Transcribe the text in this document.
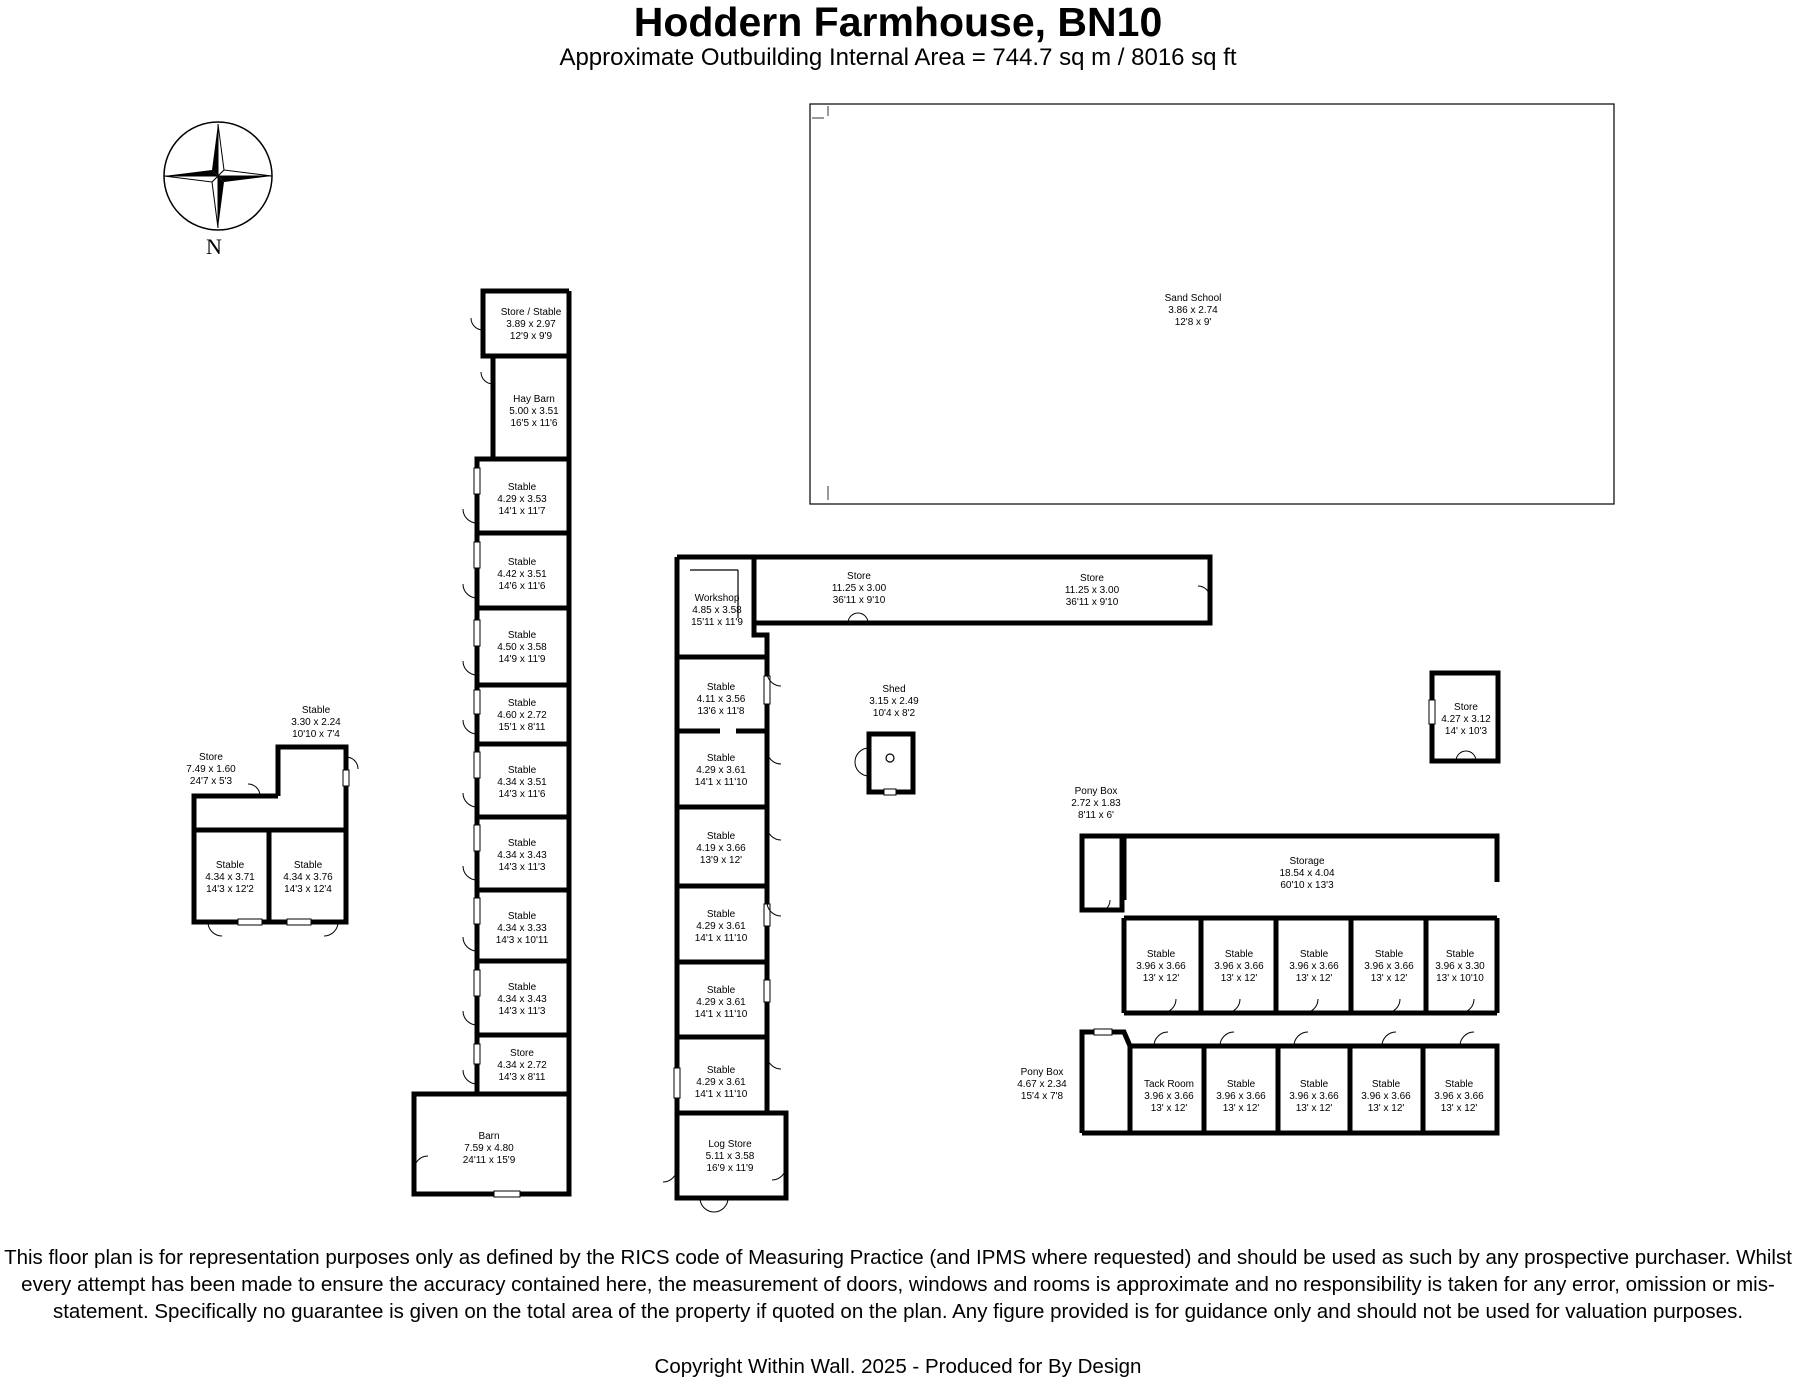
Hoddern Farmhouse, BN10
Approximate Outbuilding Internal Area = 744.7 sq m / 8016 sq ft
N
Sand School
3.86 x 2.74
12'8 x 9'
Store / Stable
3.89 x 2.97
12'9 x 9'9
Hay Barn
5.00 x 3.51
16'5 x 11'6
Stable
4.29 x 3.53
14'1 x 11'7
Stable
4.42 x 3.51
14'6 x 11'6
Stable
4.50 x 3.58
14'9 x 11'9
Stable
4.60 x 2.72
15'1 x 8'11
Stable
4.34 x 3.51
14'3 x 11'6
Stable
4.34 x 3.43
14'3 x 11'3
Stable
4.34 x 3.33
14'3 x 10'11
Stable
4.34 x 3.43
14'3 x 11'3
Store
4.34 x 2.72
14'3 x 8'11
Barn
7.59 x 4.80
24'11 x 15'9
Stable
3.30 x 2.24
10'10 x 7'4
Store
7.49 x 1.60
24'7 x 5'3
Stable
4.34 x 3.71
14'3 x 12'2
Stable
4.34 x 3.76
14'3 x 12'4
Store
11.25 x 3.00
36'11 x 9'10
Store
11.25 x 3.00
36'11 x 9'10
Workshop
4.85 x 3.58
15'11 x 11'9
Stable
4.11 x 3.56
13'6 x 11'8
Stable
4.29 x 3.61
14'1 x 11'10
Stable
4.19 x 3.66
13'9 x 12'
Stable
4.29 x 3.61
14'1 x 11'10
Stable
4.29 x 3.61
14'1 x 11'10
Stable
4.29 x 3.61
14'1 x 11'10
Log Store
5.11 x 3.58
16'9 x 11'9
Shed
3.15 x 2.49
10'4 x 8'2
Store
4.27 x 3.12
14' x 10'3
Pony Box
2.72 x 1.83
8'11 x 6'
Storage
18.54 x 4.04
60'10 x 13'3
Stable
3.96 x 3.66
13' x 12'
Stable
3.96 x 3.66
13' x 12'
Stable
3.96 x 3.66
13' x 12'
Stable
3.96 x 3.66
13' x 12'
Stable
3.96 x 3.30
13' x 10'10
Pony Box
4.67 x 2.34
15'4 x 7'8
Tack Room
3.96 x 3.66
13' x 12'
Stable
3.96 x 3.66
13' x 12'
Stable
3.96 x 3.66
13' x 12'
Stable
3.96 x 3.66
13' x 12'
Stable
3.96 x 3.66
13' x 12'
This floor plan is for representation purposes only as defined by the RICS code of Measuring Practice (and IPMS where requested) and should be used as such by any prospective purchaser. Whilst every attempt has been made to ensure the accuracy contained here, the measurement of doors, windows and rooms is approximate and no responsibility is taken for any error, omission or mis-statement. Specifically no guarantee is given on the total area of the property if quoted on the plan. Any figure provided is for guidance only and should not be used for valuation purposes.
Copyright Within Wall. 2025 - Produced for By Design
